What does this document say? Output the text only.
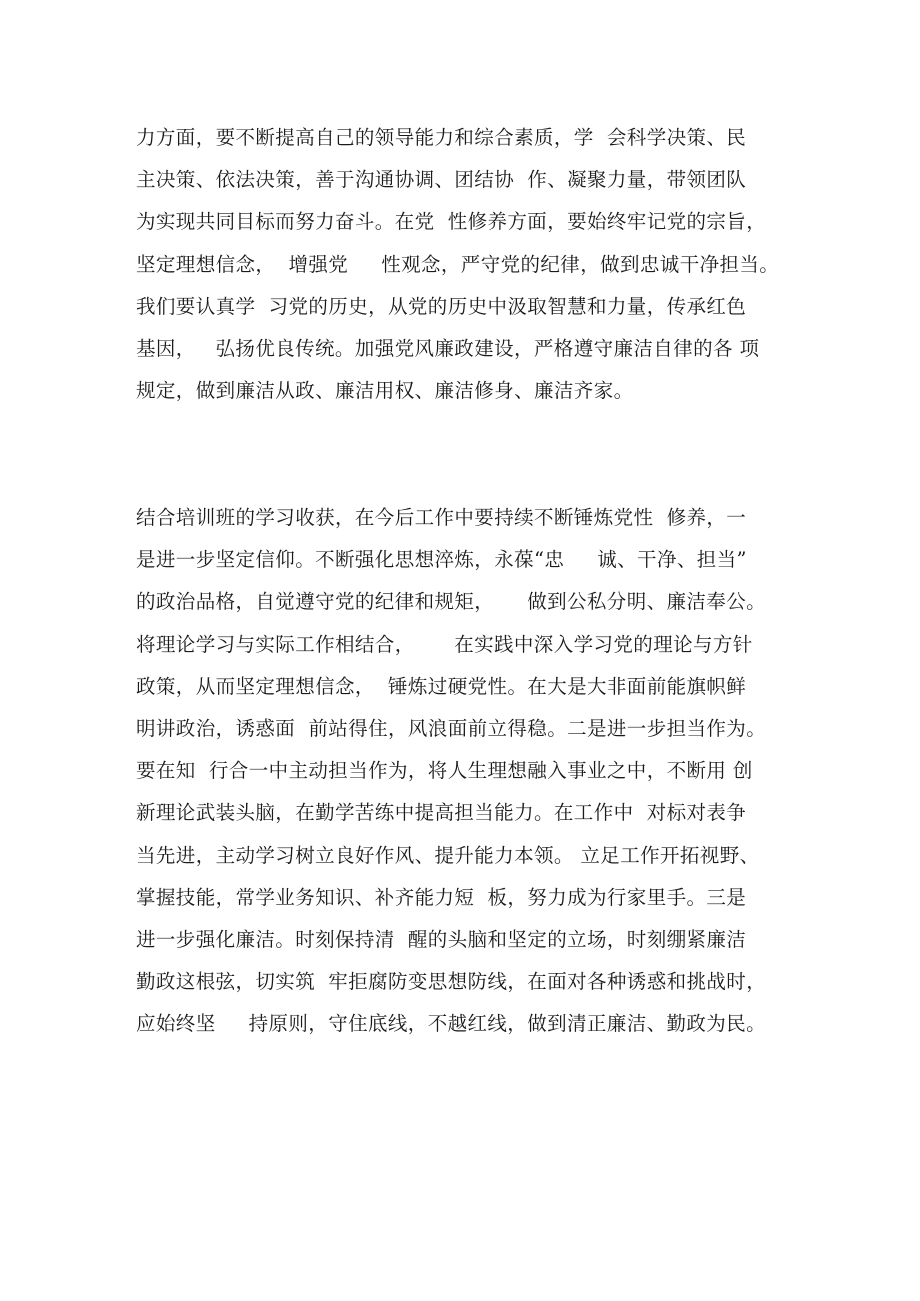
力方面，要不断提高自己的领导能力和综合素质，学  会科学决策、民
主决策、依法决策，善于沟通协调、团结协  作、凝聚力量，带领团队
为实现共同目标而努力奋斗。在党  性修养方面，要始终牢记党的宗旨，
坚定理想信念，  增强党     性观念，严守党的纪律，做到忠诚干净担当。
我们要认真学  习党的历史，从党的历史中汲取智慧和力量，传承红色
基因，   弘扬优良传统。加强党风廉政建设，严格遵守廉洁自律的各 项
规定，做到廉洁从政、廉洁用权、廉洁修身、廉洁齐家。
结合培训班的学习收获，在今后工作中要持续不断锤炼党性  修养，一
是进一步坚定信仰。不断强化思想淬炼，永葆“忠     诚、干净、担当”
的政治品格，自觉遵守党的纪律和规矩，     做到公私分明、廉洁奉公。
将理论学习与实际工作相结合，      在实践中深入学习党的理论与方针
政策，从而坚定理想信念，  锤炼过硬党性。在大是大非面前能旗帜鲜
明讲政治，诱惑面  前站得住，风浪面前立得稳。二是进一步担当作为。
要在知  行合一中主动担当作为，将人生理想融入事业之中，不断用 创
新理论武装头脑，在勤学苦练中提高担当能力。在工作中  对标对表争
当先进，主动学习树立良好作风、提升能力本领。 立足工作开拓视野、
掌握技能，常学业务知识、补齐能力短  板，努力成为行家里手。三是
进一步强化廉洁。时刻保持清  醒的头脑和坚定的立场，时刻绷紧廉洁
勤政这根弦，切实筑  牢拒腐防变思想防线，在面对各种诱惑和挑战时，
应始终坚     持原则，守住底线，不越红线，做到清正廉洁、勤政为民。
